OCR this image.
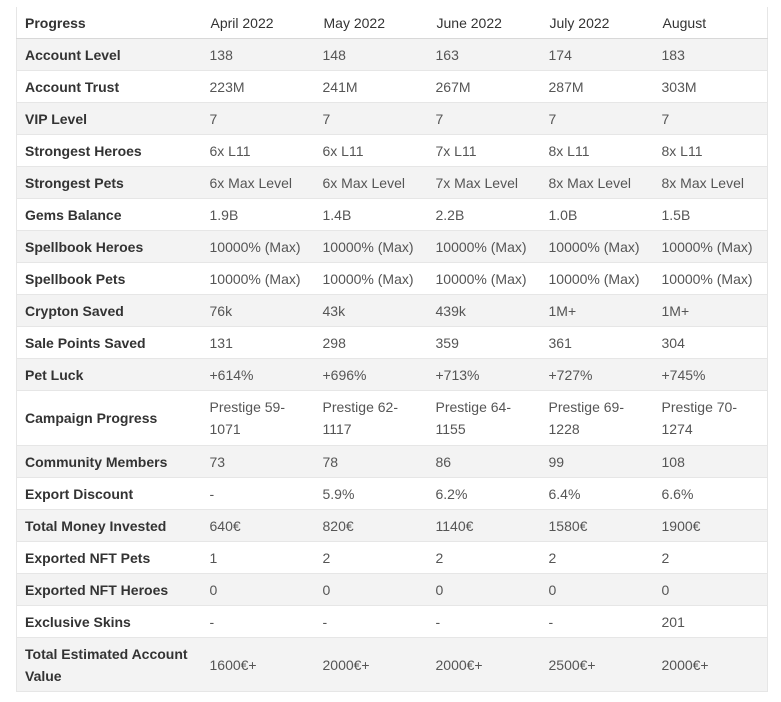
Progress	April 2022	May 2022	June 2022	July 2022	August
Account Level	138	148	163	174	183
Account Trust	223M	241M	267M	287M	303M
VIP Level	7	7	7	7	7
Strongest Heroes	6x L11	6x L11	7x L11	8x L11	8x L11
Strongest Pets	6x Max Level	6x Max Level	7x Max Level	8x Max Level	8x Max Level
Gems Balance	1.9B	1.4B	2.2B	1.0B	1.5B
Spellbook Heroes	10000% (Max)	10000% (Max)	10000% (Max)	10000% (Max)	10000% (Max)
Spellbook Pets	10000% (Max)	10000% (Max)	10000% (Max)	10000% (Max)	10000% (Max)
Crypton Saved	76k	43k	439k	1M+	1M+
Sale Points Saved	131	298	359	361	304
Pet Luck	+614%	+696%	+713%	+727%	+745%
Campaign Progress	Prestige 59-1071	Prestige 62-1117	Prestige 64-1155	Prestige 69-1228	Prestige 70-1274
Community Members	73	78	86	99	108
Export Discount	-	5.9%	6.2%	6.4%	6.6%
Total Money Invested	640€	820€	1140€	1580€	1900€
Exported NFT Pets	1	2	2	2	2
Exported NFT Heroes	0	0	0	0	0
Exclusive Skins	-	-	-	-	201
Total Estimated Account Value	1600€+	2000€+	2000€+	2500€+	2000€+
